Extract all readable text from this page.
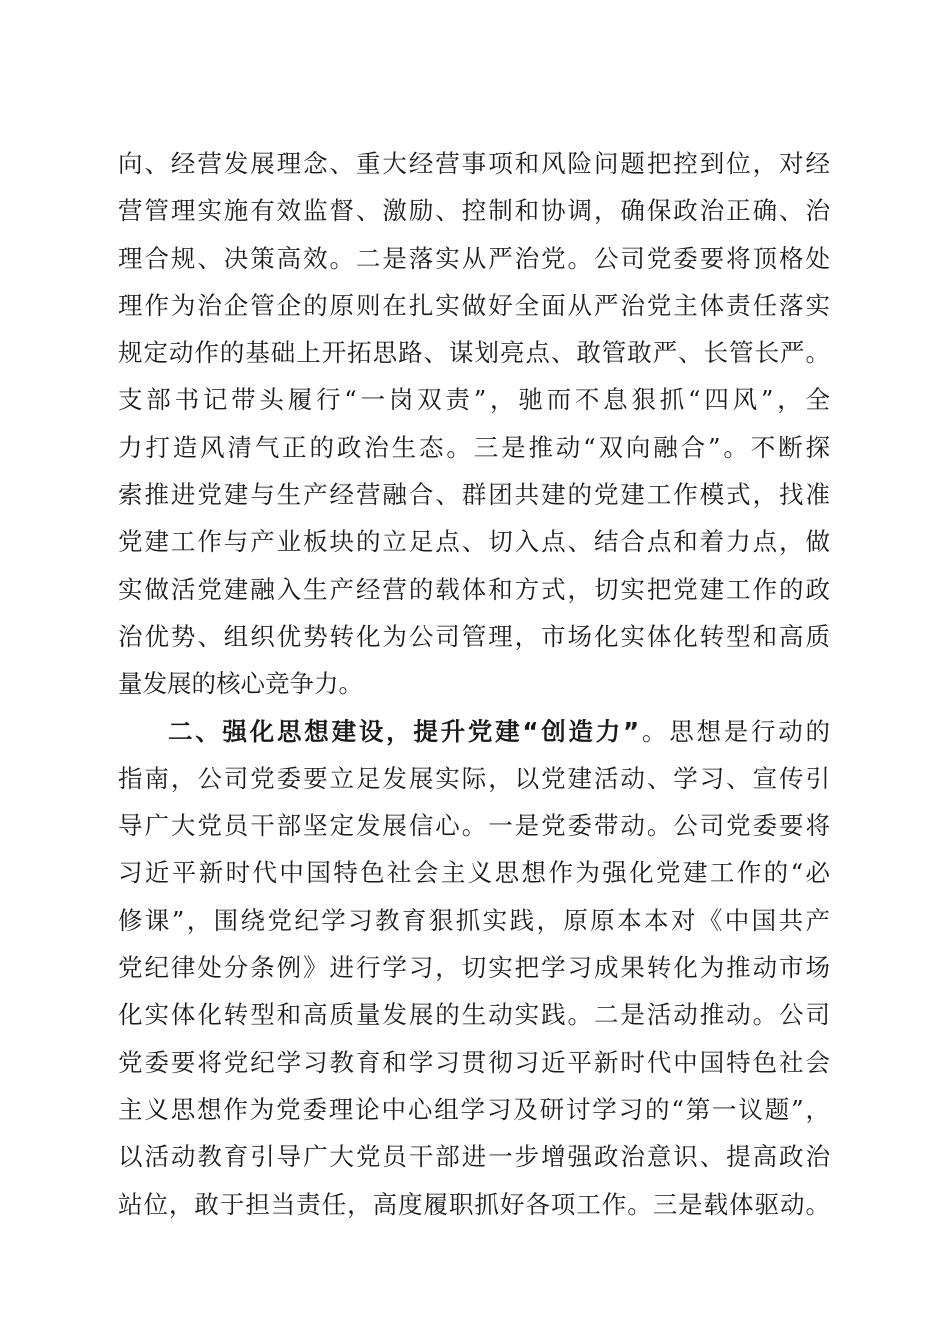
向、经营发展理念、重大经营事项和风险问题把控到位，对经
营管理实施有效监督、激励、控制和协调，确保政治正确、治
理合规、决策高效。二是落实从严治党。公司党委要将顶格处
理作为治企管企的原则在扎实做好全面从严治党主体责任落实
规定动作的基础上开拓思路、谋划亮点、敢管敢严、长管长严。
支部书记带头履行“一岗双责”，驰而不息狠抓“四风”，全
力打造风清气正的政治生态。三是推动“双向融合”。不断探
索推进党建与生产经营融合、群团共建的党建工作模式，找准
党建工作与产业板块的立足点、切入点、结合点和着力点，做
实做活党建融入生产经营的载体和方式，切实把党建工作的政
治优势、组织优势转化为公司管理，市场化实体化转型和高质
量发展的核心竞争力。
二、强化思想建设，提升党建“创造力”。思想是行动的
指南，公司党委要立足发展实际，以党建活动、学习、宣传引
导广大党员干部坚定发展信心。一是党委带动。公司党委要将
习近平新时代中国特色社会主义思想作为强化党建工作的“必
修课”，围绕党纪学习教育狠抓实践，原原本本对《中国共产
党纪律处分条例》进行学习，切实把学习成果转化为推动市场
化实体化转型和高质量发展的生动实践。二是活动推动。公司
党委要将党纪学习教育和学习贯彻习近平新时代中国特色社会
主义思想作为党委理论中心组学习及研讨学习的“第一议题”，
以活动教育引导广大党员干部进一步增强政治意识、提高政治
站位，敢于担当责任，高度履职抓好各项工作。三是载体驱动。
